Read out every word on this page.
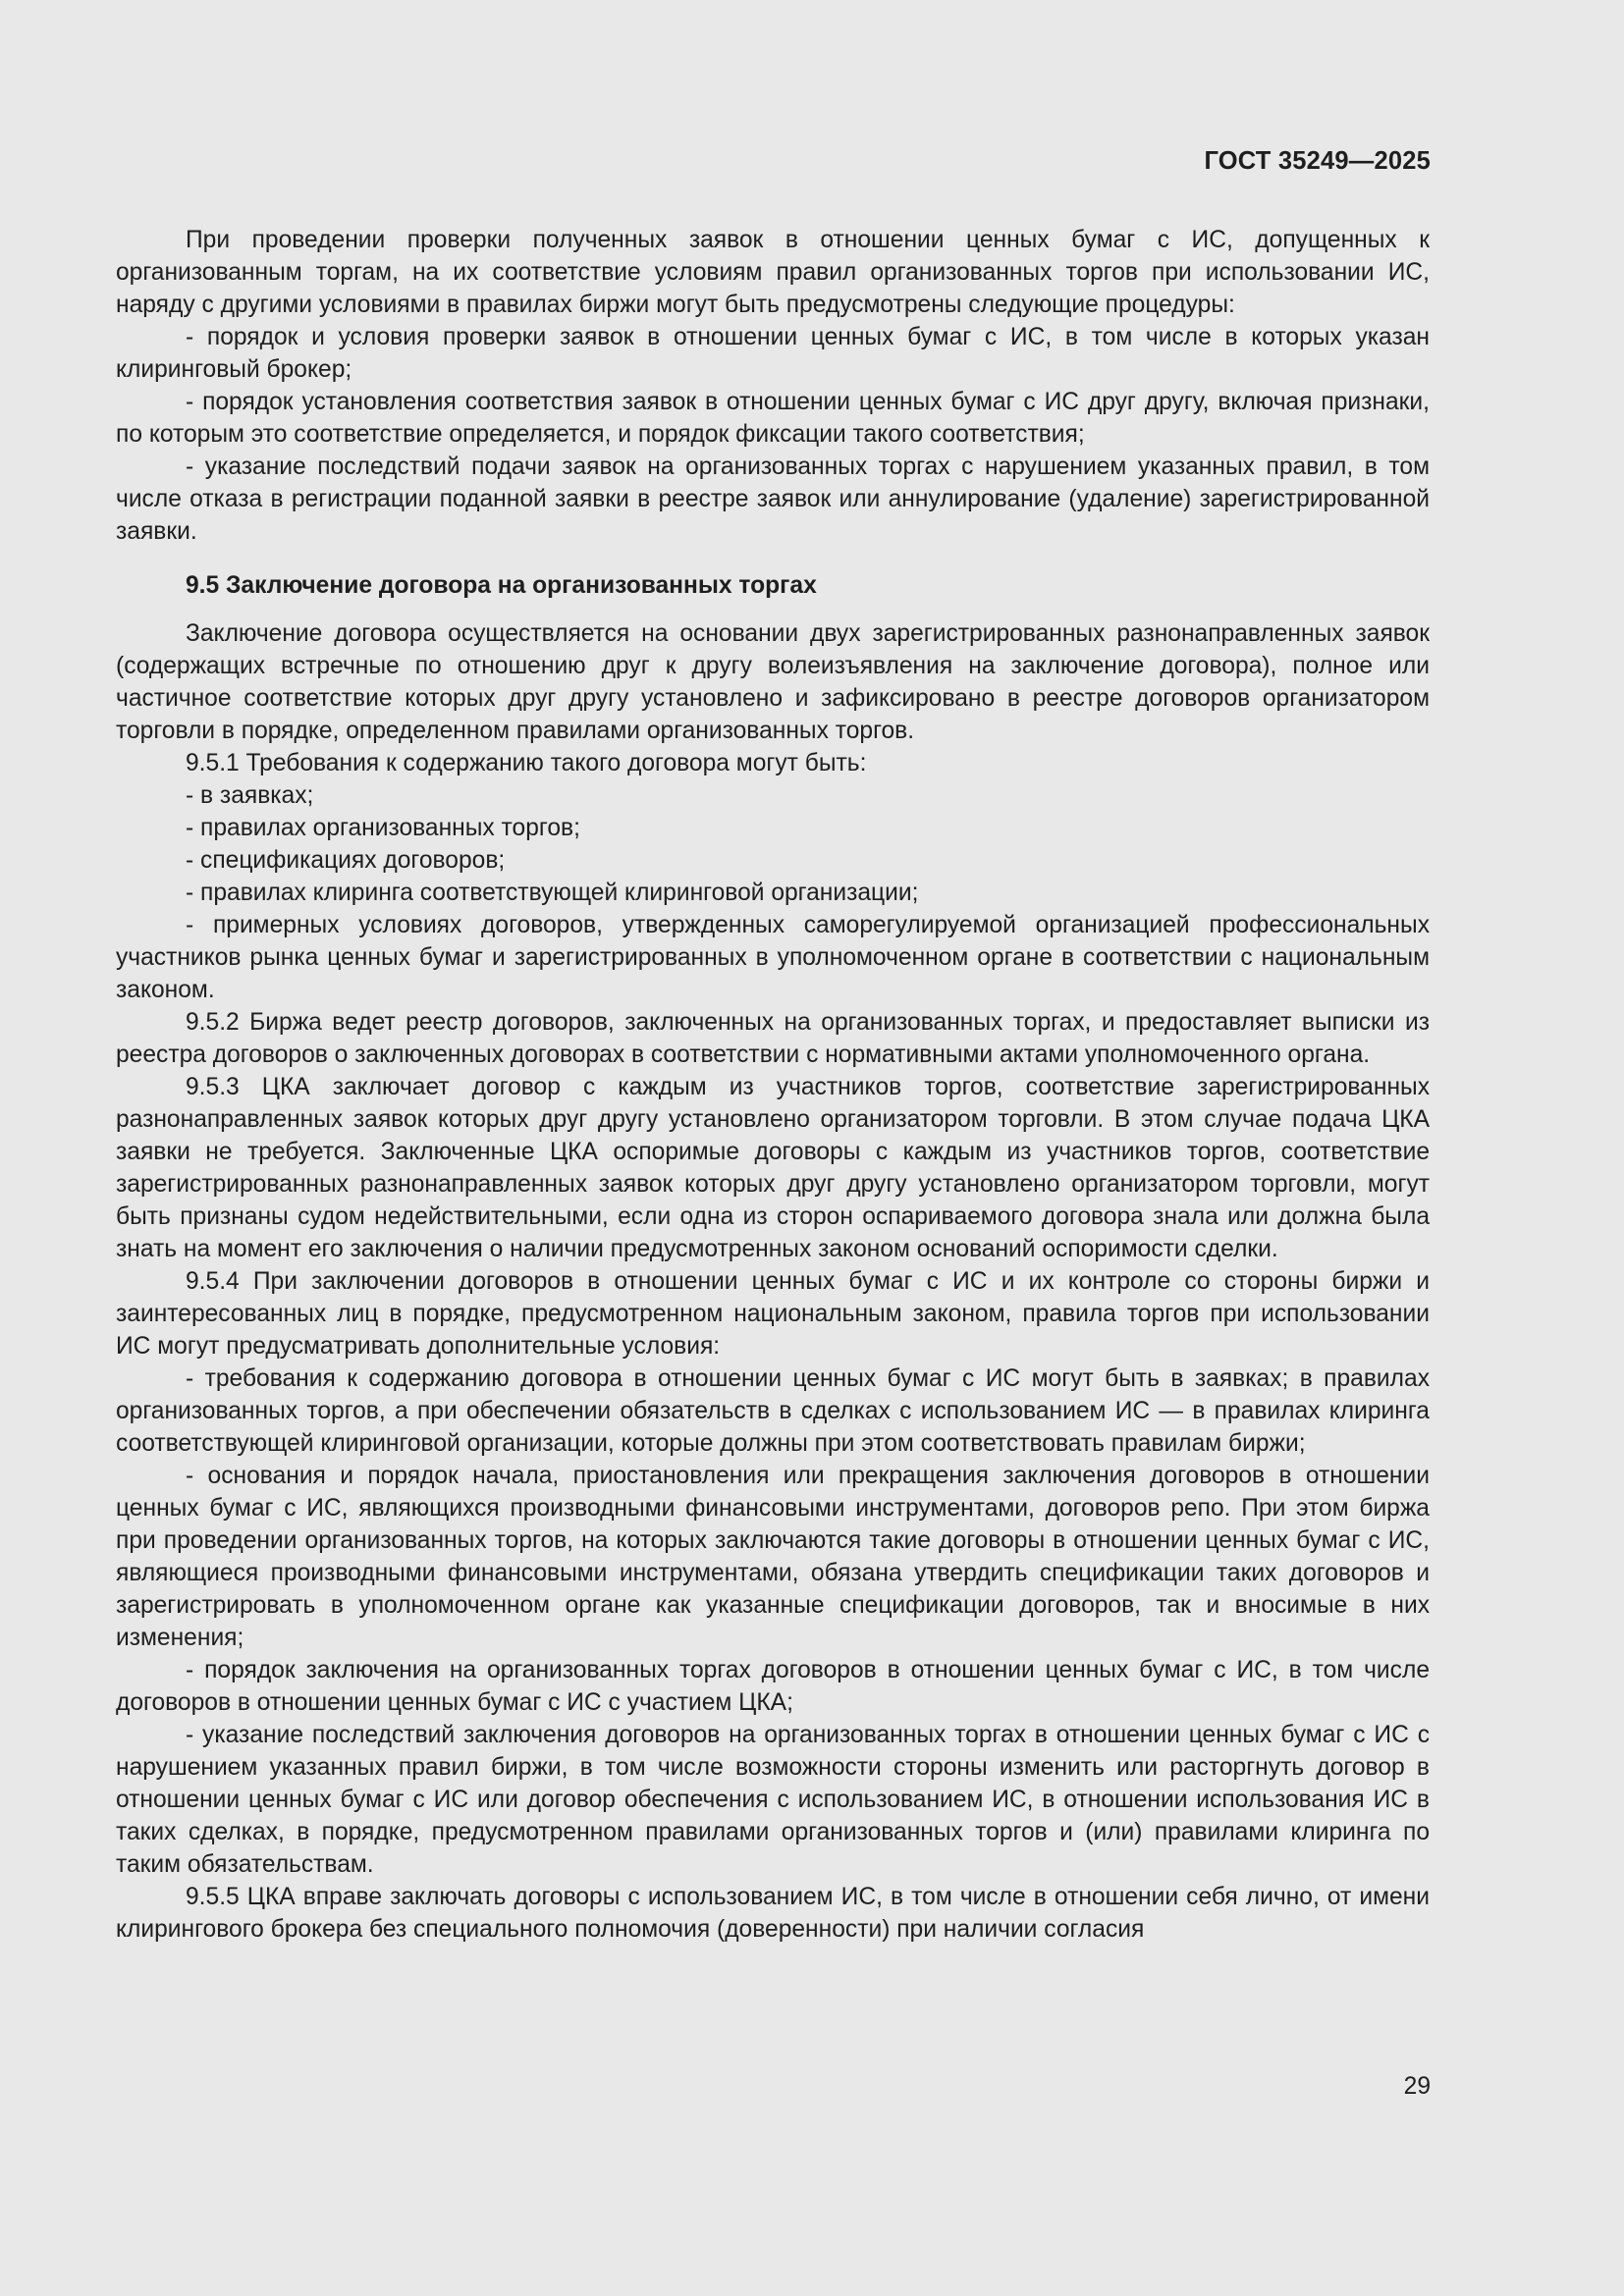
ГОСТ 35249—2025

При проведении проверки полученных заявок в отношении ценных бумаг с ИС, допущенных к организованным торгам, на их соответствие условиям правил организованных торгов при использовании ИС, наряду с другими условиями в правилах биржи могут быть предусмотрены следующие процедуры:

- порядок и условия проверки заявок в отношении ценных бумаг с ИС, в том числе в которых указан клиринговый брокер;

- порядок установления соответствия заявок в отношении ценных бумаг с ИС друг другу, включая признаки, по которым это соответствие определяется, и порядок фиксации такого соответствия;

- указание последствий подачи заявок на организованных торгах с нарушением указанных правил, в том числе отказа в регистрации поданной заявки в реестре заявок или аннулирование (удаление) зарегистрированной заявки.

9.5 Заключение договора на организованных торгах

Заключение договора осуществляется на основании двух зарегистрированных разнонаправленных заявок (содержащих встречные по отношению друг к другу волеизъявления на заключение договора), полное или частичное соответствие которых друг другу установлено и зафиксировано в реестре договоров организатором торговли в порядке, определенном правилами организованных торгов.

9.5.1 Требования к содержанию такого договора могут быть:

- в заявках;

- правилах организованных торгов;

- спецификациях договоров;

- правилах клиринга соответствующей клиринговой организации;

- примерных условиях договоров, утвержденных саморегулируемой организацией профессиональных участников рынка ценных бумаг и зарегистрированных в уполномоченном органе в соответствии с национальным законом.

9.5.2 Биржа ведет реестр договоров, заключенных на организованных торгах, и предоставляет выписки из реестра договоров о заключенных договорах в соответствии с нормативными актами уполномоченного органа.

9.5.3 ЦКА заключает договор с каждым из участников торгов, соответствие зарегистрированных разнонаправленных заявок которых друг другу установлено организатором торговли. В этом случае подача ЦКА заявки не требуется. Заключенные ЦКА оспоримые договоры с каждым из участников торгов, соответствие зарегистрированных разнонаправленных заявок которых друг другу установлено организатором торговли, могут быть признаны судом недействительными, если одна из сторон оспариваемого договора знала или должна была знать на момент его заключения о наличии предусмотренных законом оснований оспоримости сделки.

9.5.4 При заключении договоров в отношении ценных бумаг с ИС и их контроле со стороны биржи и заинтересованных лиц в порядке, предусмотренном национальным законом, правила торгов при использовании ИС могут предусматривать дополнительные условия:

- требования к содержанию договора в отношении ценных бумаг с ИС могут быть в заявках; в правилах организованных торгов, а при обеспечении обязательств в сделках с использованием ИС — в правилах клиринга соответствующей клиринговой организации, которые должны при этом соответствовать правилам биржи;

- основания и порядок начала, приостановления или прекращения заключения договоров в отношении ценных бумаг с ИС, являющихся производными финансовыми инструментами, договоров репо. При этом биржа при проведении организованных торгов, на которых заключаются такие договоры в отношении ценных бумаг с ИС, являющиеся производными финансовыми инструментами, обязана утвердить спецификации таких договоров и зарегистрировать в уполномоченном органе как указанные спецификации договоров, так и вносимые в них изменения;

- порядок заключения на организованных торгах договоров в отношении ценных бумаг с ИС, в том числе договоров в отношении ценных бумаг с ИС с участием ЦКА;

- указание последствий заключения договоров на организованных торгах в отношении ценных бумаг с ИС с нарушением указанных правил биржи, в том числе возможности стороны изменить или расторгнуть договор в отношении ценных бумаг с ИС или договор обеспечения с использованием ИС, в отношении использования ИС в таких сделках, в порядке, предусмотренном правилами организованных торгов и (или) правилами клиринга по таким обязательствам.

9.5.5 ЦКА вправе заключать договоры с использованием ИС, в том числе в отношении себя лично, от имени клирингового брокера без специального полномочия (доверенности) при наличии согласия

29
